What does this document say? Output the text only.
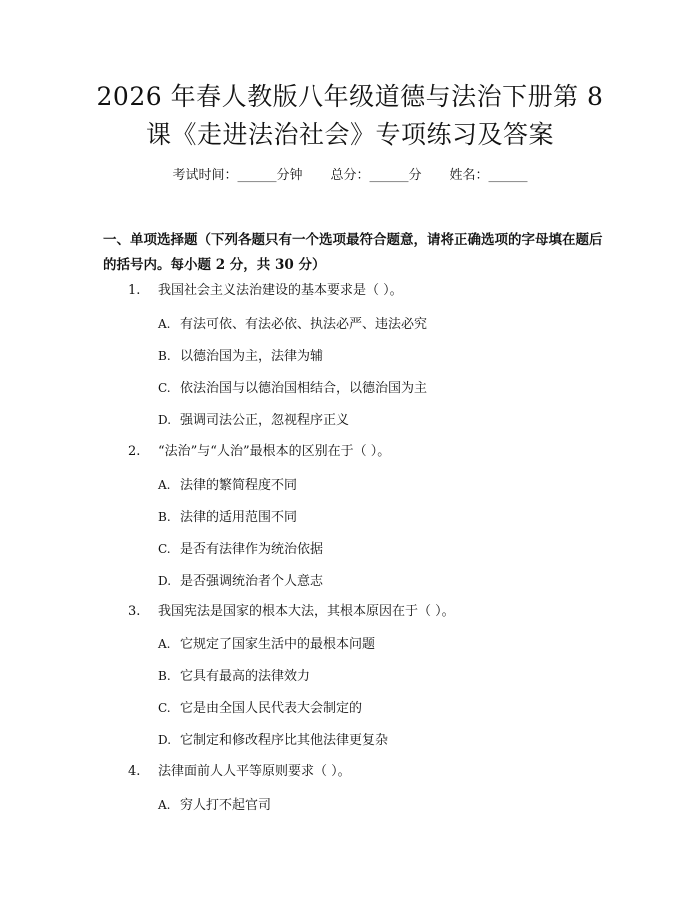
2026 年春人教版八年级道德与法治下册第 8
课《走进法治社会》专项练习及答案
考试时间：______分钟 总分：______分 姓名：______
一、单项选择题（下列各题只有一个选项最符合题意，请将正确选项的字母填在题后的括号内。每小题 2 分，共 30 分）
1. 我国社会主义法治建设的基本要求是（ ）。
A. 有法可依、有法必依、执法必严、违法必究
B. 以德治国为主，法律为辅
C. 依法治国与以德治国相结合，以德治国为主
D. 强调司法公正，忽视程序正义
2. “法治”与“人治”最根本的区别在于（ ）。
A. 法律的繁简程度不同
B. 法律的适用范围不同
C. 是否有法律作为统治依据
D. 是否强调统治者个人意志
3. 我国宪法是国家的根本大法，其根本原因在于（ ）。
A. 它规定了国家生活中的最根本问题
B. 它具有最高的法律效力
C. 它是由全国人民代表大会制定的
D. 它制定和修改程序比其他法律更复杂
4. 法律面前人人平等原则要求（ ）。
A. 穷人打不起官司
